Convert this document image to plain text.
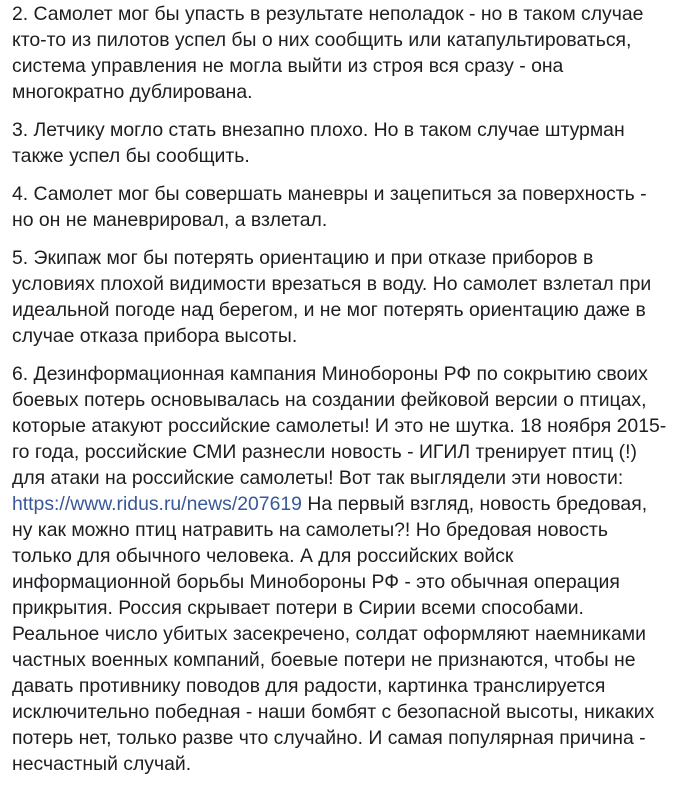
2. Самолет мог бы упасть в результате неполадок - но в таком случае
кто-то из пилотов успел бы о них сообщить или катапультироваться,
система управления не могла выйти из строя вся сразу - она
многократно дублирована.

3. Летчику могло стать внезапно плохо. Но в таком случае штурман
также успел бы сообщить.

4. Самолет мог бы совершать маневры и зацепиться за поверхность -
но он не маневрировал, а взлетал.

5. Экипаж мог бы потерять ориентацию и при отказе приборов в
условиях плохой видимости врезаться в воду. Но самолет взлетал при
идеальной погоде над берегом, и не мог потерять ориентацию даже в
случае отказа прибора высоты.

6. Дезинформационная кампания Минобороны РФ по сокрытию своих
боевых потерь основывалась на создании фейковой версии о птицах,
которые атакуют российские самолеты! И это не шутка. 18 ноября 2015-
го года, российские СМИ разнесли новость - ИГИЛ тренирует птиц (!)
для атаки на российские самолеты! Вот так выглядели эти новости:
https://www.ridus.ru/news/207619 На первый взгляд, новость бредовая,
ну как можно птиц натравить на самолеты?! Но бредовая новость
только для обычного человека. А для российских войск
информационной борьбы Минобороны РФ - это обычная операция
прикрытия. Россия скрывает потери в Сирии всеми способами.
Реальное число убитых засекречено, солдат оформляют наемниками
частных военных компаний, боевые потери не признаются, чтобы не
давать противнику поводов для радости, картинка транслируется
исключительно победная - наши бомбят с безопасной высоты, никаких
потерь нет, только разве что случайно. И самая популярная причина -
несчастный случай.
